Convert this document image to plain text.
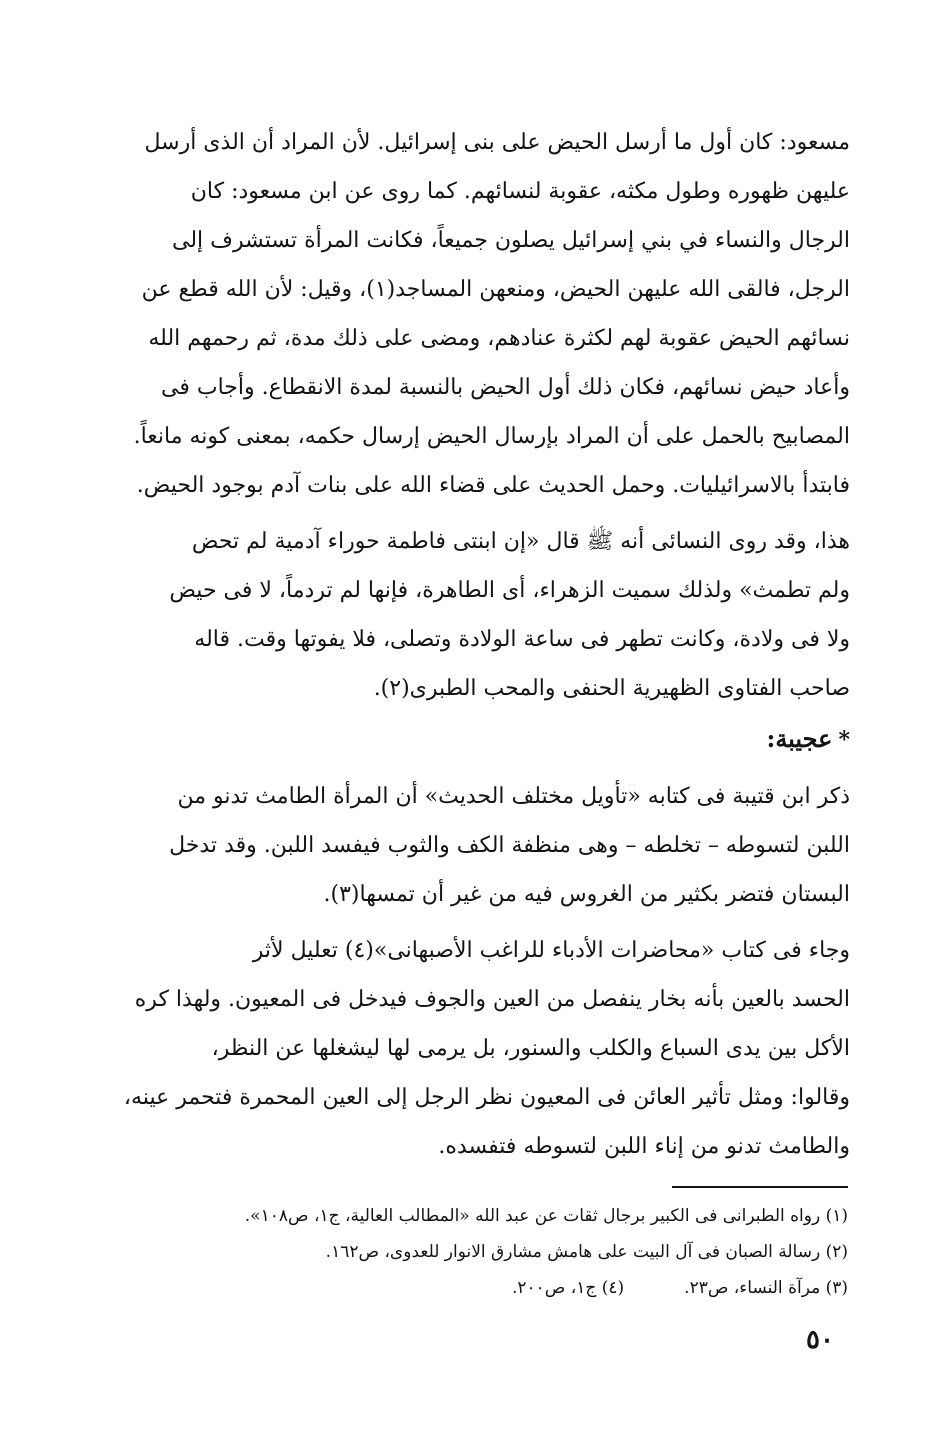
مسعود: كان أول ما أرسل الحيض على بنى إسرائيل. لأن المراد أن الذى أرسل
عليهن ظهوره وطول مكثه، عقوبة لنسائهم. كما روى عن ابن مسعود: كان
الرجال والنساء في بني إسرائيل يصلون جميعاً، فكانت المرأة تستشرف إلى
الرجل، فالقى الله عليهن الحيض، ومنعهن المساجد(١)، وقيل: لأن الله قطع عن
نسائهم الحيض عقوبة لهم لكثرة عنادهم، ومضى على ذلك مدة، ثم رحمهم الله
وأعاد حيض نسائهم، فكان ذلك أول الحيض بالنسبة لمدة الانقطاع. وأجاب فى
المصابيح بالحمل على أن المراد بإرسال الحيض إرسال حكمه، بمعنى كونه مانعاً.
فابتدأ بالاسرائيليات. وحمل الحديث على قضاء الله على بنات آدم بوجود الحيض.
هذا، وقد روى النسائى أنه ﷺ قال «إن ابنتى فاطمة حوراء آدمية لم تحض
ولم تطمث» ولذلك سميت الزهراء، أى الطاهرة، فإنها لم تردماً، لا فى حيض
ولا فى ولادة، وكانت تطهر فى ساعة الولادة وتصلى، فلا يفوتها وقت. قاله
صاحب الفتاوى الظهيرية الحنفى والمحب الطبرى(٢).
*عجيبة:
ذكر ابن قتيبة فى كتابه «تأويل مختلف الحديث» أن المرأة الطامث تدنو من
اللبن لتسوطه – تخلطه – وهى منظفة الكف والثوب فيفسد اللبن. وقد تدخل
البستان فتضر بكثير من الغروس فيه من غير أن تمسها(٣).
وجاء فى كتاب «محاضرات الأدباء للراغب الأصبهانى»(٤) تعليل لأثر
الحسد بالعين بأنه بخار ينفصل من العين والجوف فيدخل فى المعيون. ولهذا كره
الأكل بين يدى السباع والكلب والسنور، بل يرمى لها ليشغلها عن النظر،
وقالوا: ومثل تأثير العائن فى المعيون نظر الرجل إلى العين المحمرة فتحمر عينه،
والطامث تدنو من إناء اللبن لتسوطه فتفسده.
(١) رواه الطبرانى فى الكبير برجال ثقات عن عبد الله «المطالب العالية، ج١، ص١٠٨».
(٢) رسالة الصبان فى آل البيت على هامش مشارق الانوار للعدوى، ص١٦٢.
(٣) مرآة النساء، ص٢٣.(٤) ج١، ص٢٠٠.
٥٠
